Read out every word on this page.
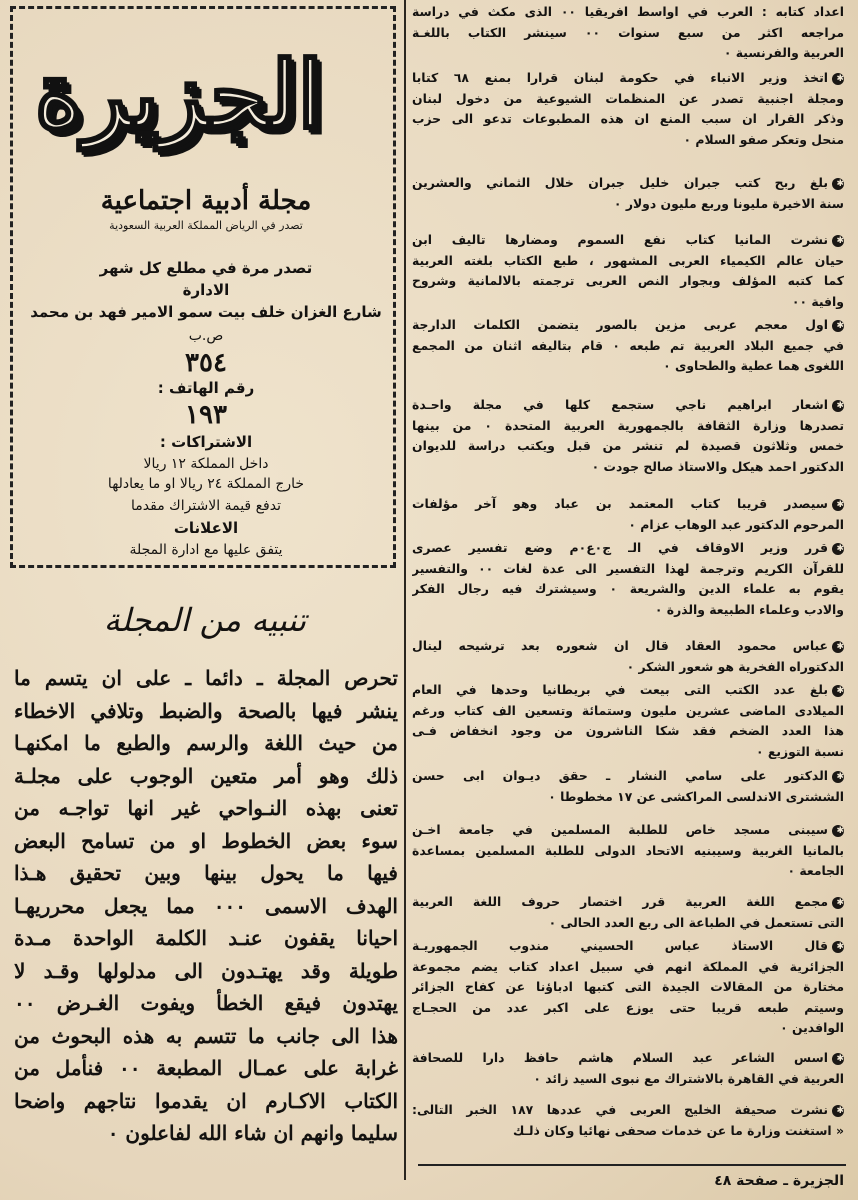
الجزيرة
مجلة أدبية اجتماعية
تصدر في الرياض المملكة العربية السعودية
تصدر مرة في مطلع كل شهر
الادارة
شارع الغزان خلف بيت سمو الامير فهد بن محمد
ص.ب
٣٥٤
رقم الهاتف :
١٩٣
الاشتراكات :
داخل المملكة ١٢ ريالا
خارج المملكة ٢٤ ريالا او ما يعادلها
تدفع قيمة الاشتراك مقدما
الاعلانات
يتفق عليها مع ادارة المجلة
تنبيه من المجلة
تحرص المجلة ـ دائما ـ على ان يتسم ما
ينشر فيها بالصحة والضبط وتلافي الاخطاء
من حيث اللغة والرسم والطبع ما امكنهـا
ذلك وهو أمر متعين الوجوب على مجلـة
تعنى بهذه النـواحي غير انها تواجـه من
سوء بعض الخطوط او من تسامح البعض
فيها ما يحول بينها وبين تحقيق هـذا
الهدف الاسمى ٠٠٠ مما يجعل محرريهـا
احيانا يقفون عنـد الكلمة الواحدة مـدة
طويلة وقد يهتـدون الى مدلولها وقـد لا
يهتدون فيقع الخطأ ويفوت الغـرض ٠٠
هذا الى جانب ما تتسم به هذه البحوث من
غرابة على عمـال المطبعة ٠٠ فنأمل من
الكتاب الاكـارم ان يقدموا نتاجهم واضحا
سليما وانهم ان شاء الله لفاعلون ٠
اعداد كتابه : العرب في اواسط افريقيا ٠٠ الذى مكث في دراسة
مراجعه اكثر من سبع سنوات ٠٠ سينشر الكتاب باللغـة
العربية والفرنسية ٠
✱اتخذ وزير الانباء في حكومة لبنان قرارا بمنع ٦٨ كتابا
ومجلة اجنبية تصدر عن المنظمات الشيوعية من دخول لبنان
وذكر القرار ان سبب المنع ان هذه المطبوعات تدعو الى حزب
منحل وتعكر صفو السلام ٠
✱بلغ ربح كتب جبران خليل جبران خلال الثماني والعشرين
سنة الاخيرة مليونا وربع مليون دولار ٠
✱نشرت المانيا كتاب نفع السموم ومضارها تاليف ابن
حيان عالم الكيمياء العربى المشهور ، طبع الكتاب بلغته العربية
كما كتبه المؤلف وبجوار النص العربى ترجمته بالالمانية وشروح
وافية ٠٠
✱اول معجم عربى مزين بالصور يتضمن الكلمات الدارجة
في جميع البلاد العربية تم طبعه ٠ قام بتاليفه اثنان من المجمع
اللغوى هما عطية والطحاوى ٠
✱اشعار ابراهيم ناجي ستجمع كلها في مجلة واحـدة
تصدرها وزارة الثقافة بالجمهورية العربية المتحدة ٠ من بينها
خمس وثلاثون قصيدة لم تنشر من قبل ويكتب دراسة للديوان
الدكتور احمد هيكل والاستاذ صالح جودت ٠
✱سيصدر قريبا كتاب المعتمد بن عباد وهو آخر مؤلفات
المرحوم الدكتور عبد الوهاب عزام ٠
✱قرر وزير الاوقاف في الـ ج٠ع٠م وضع تفسير عصرى
للقرآن الكريم وترجمة لهذا التفسير الى عدة لغات ٠٠ والتفسير
يقوم به علماء الدين والشريعة ٠ وسيشترك فيه رجال الفكر
والادب وعلماء الطبيعة والذرة ٠
✱عباس محمود العقاد قال ان شعوره بعد ترشيحه لينال
الدكتوراه الفخرية هو شعور الشكر ٠
✱بلغ عدد الكتب التى بيعت في بريطانيا وحدها في العام
الميلادى الماضى عشرين مليون وستمائة وتسعين الف كتاب ورغم
هذا العدد الضخم فقد شكا الناشرون من وجود انخفاض فـى
نسبة التوزيع ٠
✱الدكتور على سامي النشار ـ حقق ديـوان ابى حسن
الششترى الاندلسى المراكشى عن ١٧ مخطوطا ٠
✱سيبنى مسجد خاص للطلبة المسلمين في جامعة اخـن
بالمانيا الغربية وسيبنيه الاتحاد الدولى للطلبة المسلمين بمساعدة
الجامعة ٠
✱مجمع اللغة العربية قرر اختصار حروف اللغة العربية
التى تستعمل في الطباعة الى ربع العدد الحالى ٠
✱قال الاستاذ عباس الحسيني مندوب الجمهوريـة
الجزائرية في المملكة انهم في سبيل اعداد كتاب يضم مجموعة
مختارة من المقالات الجيدة التى كتبها ادباؤنا عن كفاح الجزائر
وسيتم طبعه قريبا حتى يوزع على اكبر عدد من الحجـاج
الوافدين ٠
✱اسس الشاعر عبد السلام هاشم حافظ دارا للصحافة
العربية في القاهرة بالاشتراك مع نبوى السيد زائد ٠
✱نشرت صحيفة الخليج العربى في عددها ١٨٧ الخبر التالى:
« استغنت وزارة ما عن خدمات صحفى نهائيا وكان ذلـك
الجزيرة ـ صفحة ٤٨
